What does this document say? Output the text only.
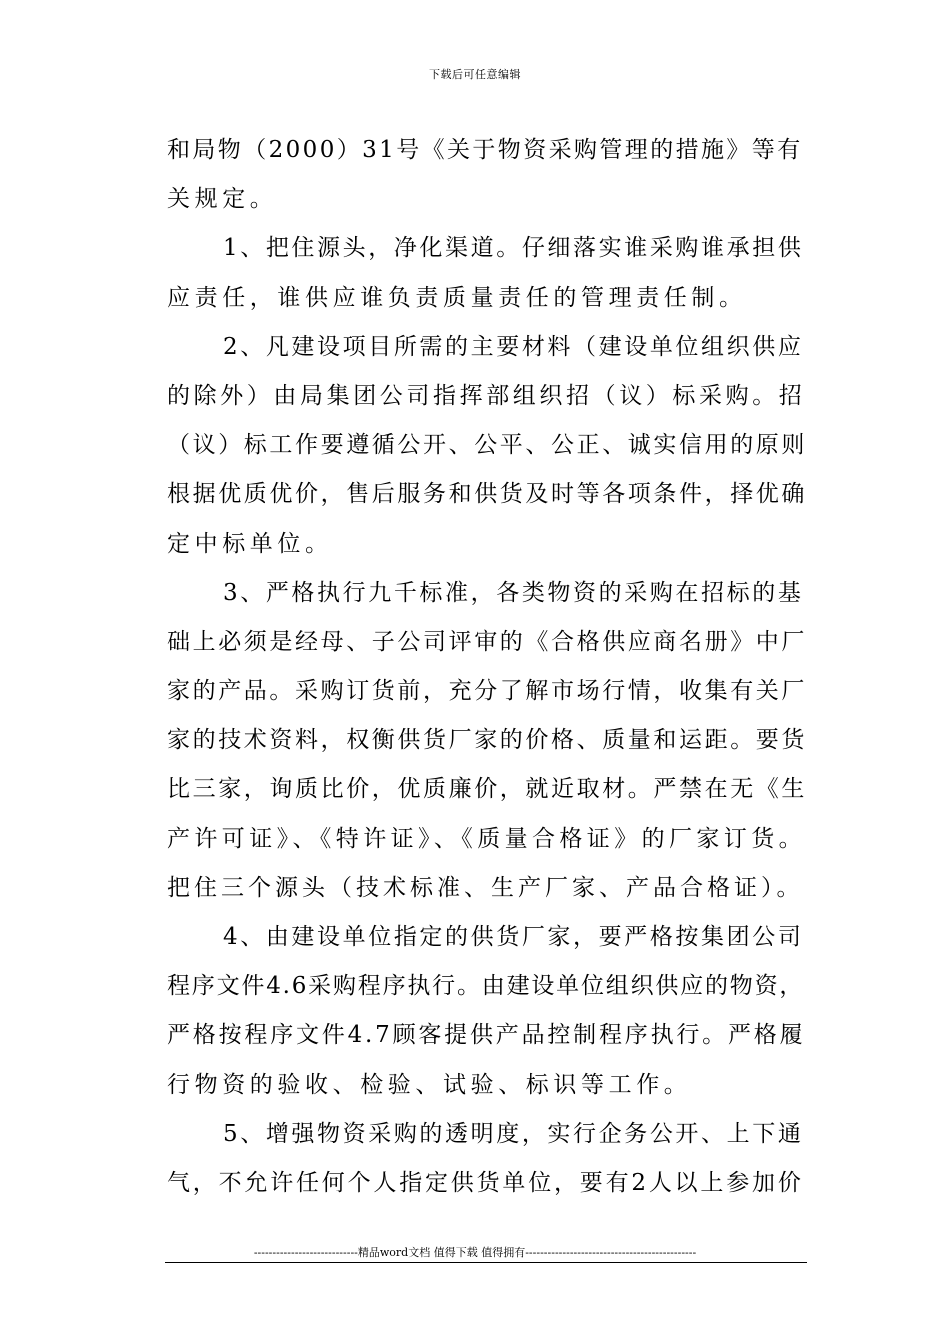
下载后可任意编辑
和局物（2000）31号《关于物资采购管理的措施》等有
关规定。
1、把住源头，净化渠道。仔细落实谁采购谁承担供
应责任，谁供应谁负责质量责任的管理责任制。
2、凡建设项目所需的主要材料（建设单位组织供应
的除外）由局集团公司指挥部组织招（议）标采购。招
（议）标工作要遵循公开、公平、公正、诚实信用的原则
根据优质优价，售后服务和供货及时等各项条件，择优确
定中标单位。
3、严格执行九千标准，各类物资的采购在招标的基
础上必须是经母、子公司评审的《合格供应商名册》中厂
家的产品。采购订货前，充分了解市场行情，收集有关厂
家的技术资料，权衡供货厂家的价格、质量和运距。要货
比三家，询质比价，优质廉价，就近取材。严禁在无《生
产许可证》、《特许证》、《质量合格证》的厂家订货。
把住三个源头（技术标准、生产厂家、产品合格证）。
4、由建设单位指定的供货厂家，要严格按集团公司
程序文件4.6采购程序执行。由建设单位组织供应的物资，
严格按程序文件4.7顾客提供产品控制程序执行。严格履
行物资的验收、检验、试验、标识等工作。
5、增强物资采购的透明度，实行企务公开、上下通
气，不允许任何个人指定供货单位，要有2人以上参加价
----------------------------精品word文档 值得下载 值得拥有----------------------------------------------
